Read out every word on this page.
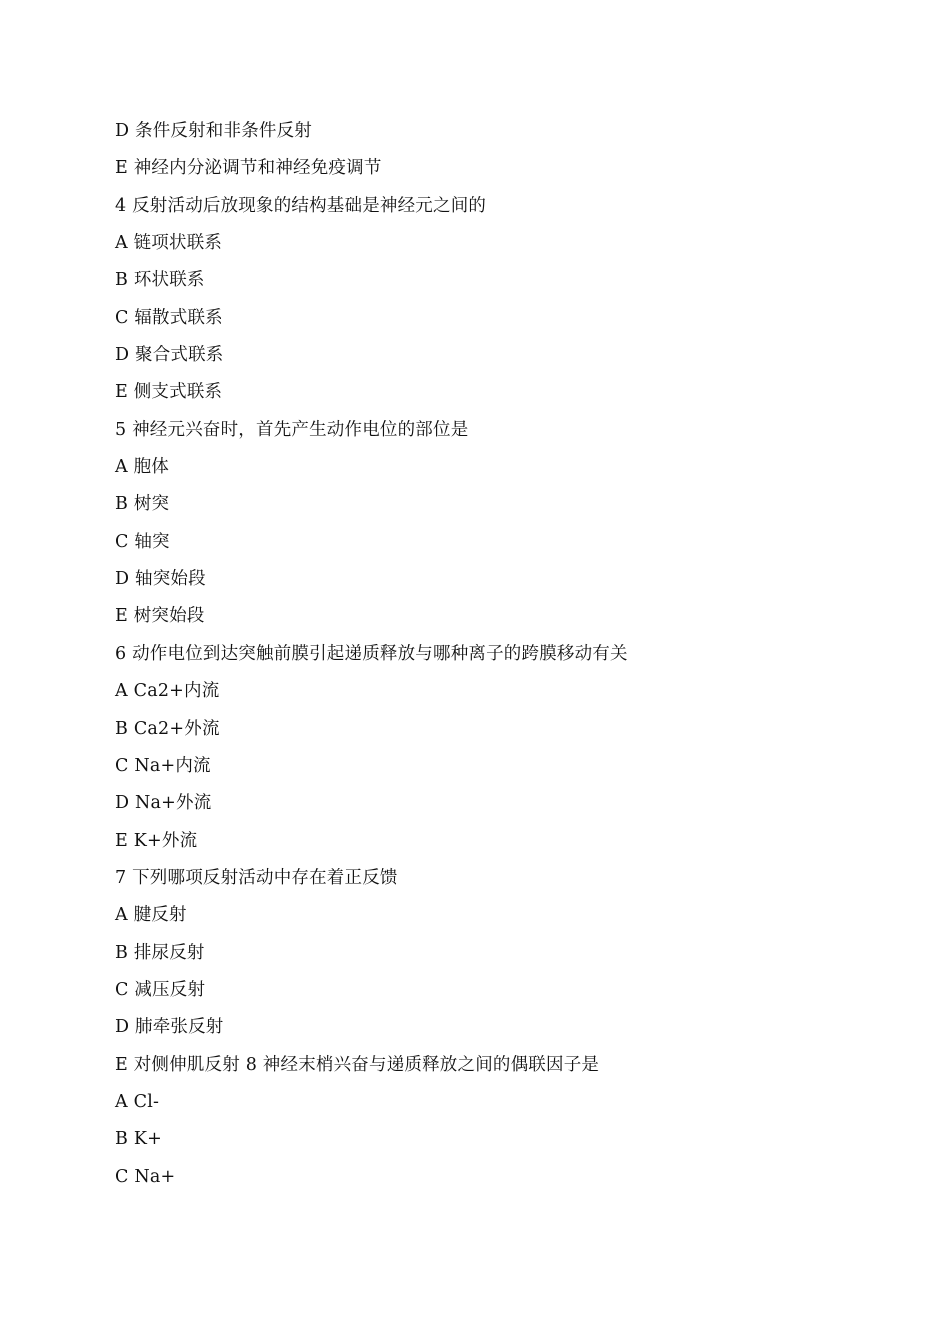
D 条件反射和非条件反射
E 神经内分泌调节和神经免疫调节
4 反射活动后放现象的结构基础是神经元之间的
A 链项状联系
B 环状联系
C 辐散式联系
D 聚合式联系
E 侧支式联系
5 神经元兴奋时，首先产生动作电位的部位是
A 胞体
B 树突
C 轴突
D 轴突始段
E 树突始段
6 动作电位到达突触前膜引起递质释放与哪种离子的跨膜移动有关
A Ca2+内流
B Ca2+外流
C Na+内流
D Na+外流
E K+外流
7 下列哪项反射活动中存在着正反馈
A 腱反射
B 排尿反射
C 减压反射
D 肺牵张反射
E 对侧伸肌反射 8 神经末梢兴奋与递质释放之间的偶联因子是
A Cl-
B K+
C Na+
